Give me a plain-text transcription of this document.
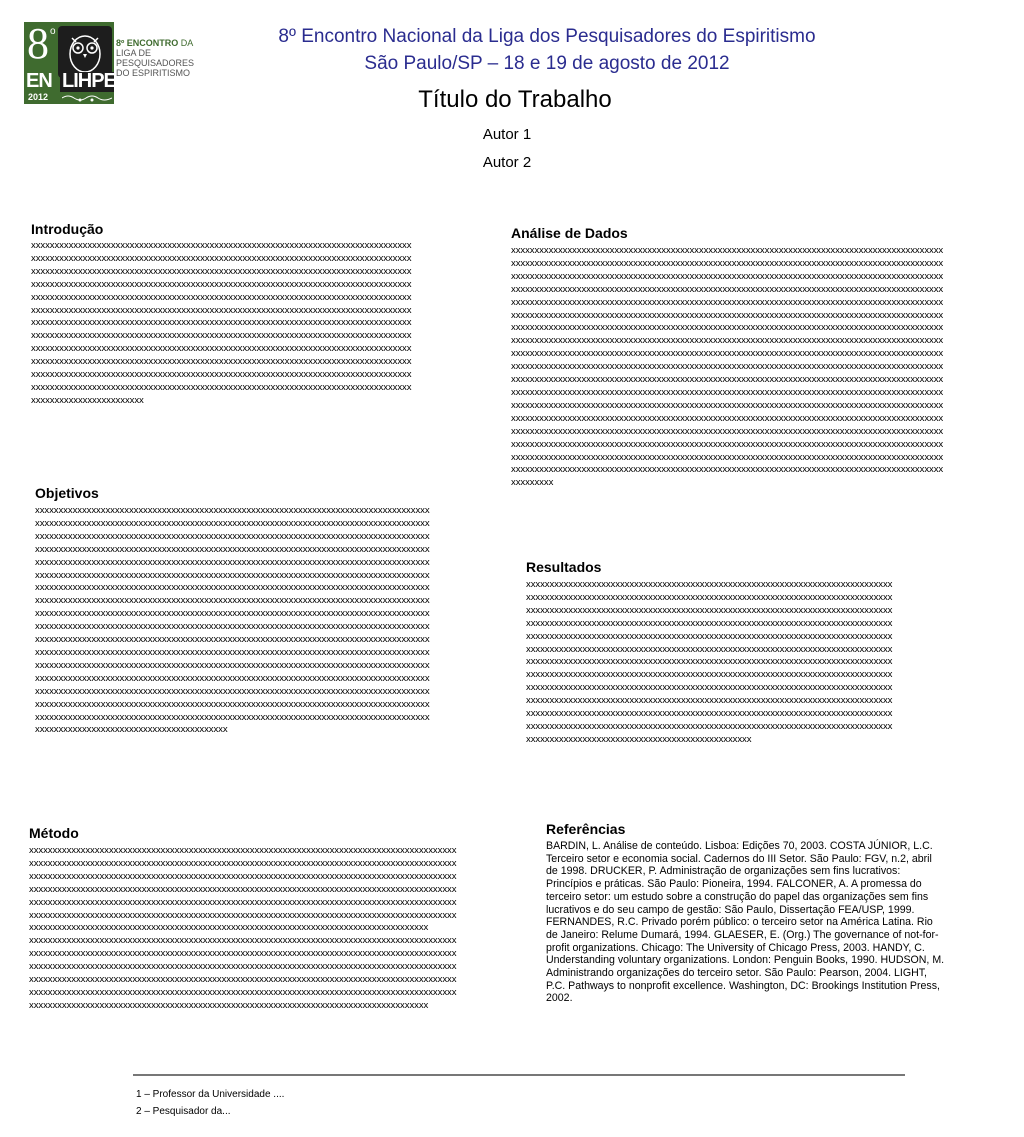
8 o
EN LIHPE
2012
8º ENCONTRO DA
LIGA DE PESQUISADORES
DO ESPIRITISMO
8º Encontro Nacional da Liga dos Pesquisadores do Espiritismo
São Paulo/SP – 18 e 19 de agosto de 2012
Título do Trabalho
Autor 1
Autor 2
Introdução
xxxxxxxxxxxxxxxxxxxxxxxxxxxxxxxxxxxxxxxxxxxxxxxxxxxxxxxxxxxxxxxxxxxxxxxxxxxxxxxxx
xxxxxxxxxxxxxxxxxxxxxxxxxxxxxxxxxxxxxxxxxxxxxxxxxxxxxxxxxxxxxxxxxxxxxxxxxxxxxxxxx
xxxxxxxxxxxxxxxxxxxxxxxxxxxxxxxxxxxxxxxxxxxxxxxxxxxxxxxxxxxxxxxxxxxxxxxxxxxxxxxxx
xxxxxxxxxxxxxxxxxxxxxxxxxxxxxxxxxxxxxxxxxxxxxxxxxxxxxxxxxxxxxxxxxxxxxxxxxxxxxxxxx
xxxxxxxxxxxxxxxxxxxxxxxxxxxxxxxxxxxxxxxxxxxxxxxxxxxxxxxxxxxxxxxxxxxxxxxxxxxxxxxxx
xxxxxxxxxxxxxxxxxxxxxxxxxxxxxxxxxxxxxxxxxxxxxxxxxxxxxxxxxxxxxxxxxxxxxxxxxxxxxxxxx
xxxxxxxxxxxxxxxxxxxxxxxxxxxxxxxxxxxxxxxxxxxxxxxxxxxxxxxxxxxxxxxxxxxxxxxxxxxxxxxxx
xxxxxxxxxxxxxxxxxxxxxxxxxxxxxxxxxxxxxxxxxxxxxxxxxxxxxxxxxxxxxxxxxxxxxxxxxxxxxxxxx
xxxxxxxxxxxxxxxxxxxxxxxxxxxxxxxxxxxxxxxxxxxxxxxxxxxxxxxxxxxxxxxxxxxxxxxxxxxxxxxxx
xxxxxxxxxxxxxxxxxxxxxxxxxxxxxxxxxxxxxxxxxxxxxxxxxxxxxxxxxxxxxxxxxxxxxxxxxxxxxxxxx
xxxxxxxxxxxxxxxxxxxxxxxxxxxxxxxxxxxxxxxxxxxxxxxxxxxxxxxxxxxxxxxxxxxxxxxxxxxxxxxxx
xxxxxxxxxxxxxxxxxxxxxxxxxxxxxxxxxxxxxxxxxxxxxxxxxxxxxxxxxxxxxxxxxxxxxxxxxxxxxxxxx
xxxxxxxxxxxxxxxxxxxxxxxx
Análise de Dados
xxxxxxxxxxxxxxxxxxxxxxxxxxxxxxxxxxxxxxxxxxxxxxxxxxxxxxxxxxxxxxxxxxxxxxxxxxxxxxxxxxxxxxxxxxxx
xxxxxxxxxxxxxxxxxxxxxxxxxxxxxxxxxxxxxxxxxxxxxxxxxxxxxxxxxxxxxxxxxxxxxxxxxxxxxxxxxxxxxxxxxxxx
xxxxxxxxxxxxxxxxxxxxxxxxxxxxxxxxxxxxxxxxxxxxxxxxxxxxxxxxxxxxxxxxxxxxxxxxxxxxxxxxxxxxxxxxxxxx
xxxxxxxxxxxxxxxxxxxxxxxxxxxxxxxxxxxxxxxxxxxxxxxxxxxxxxxxxxxxxxxxxxxxxxxxxxxxxxxxxxxxxxxxxxxx
xxxxxxxxxxxxxxxxxxxxxxxxxxxxxxxxxxxxxxxxxxxxxxxxxxxxxxxxxxxxxxxxxxxxxxxxxxxxxxxxxxxxxxxxxxxx
xxxxxxxxxxxxxxxxxxxxxxxxxxxxxxxxxxxxxxxxxxxxxxxxxxxxxxxxxxxxxxxxxxxxxxxxxxxxxxxxxxxxxxxxxxxx
xxxxxxxxxxxxxxxxxxxxxxxxxxxxxxxxxxxxxxxxxxxxxxxxxxxxxxxxxxxxxxxxxxxxxxxxxxxxxxxxxxxxxxxxxxxx
xxxxxxxxxxxxxxxxxxxxxxxxxxxxxxxxxxxxxxxxxxxxxxxxxxxxxxxxxxxxxxxxxxxxxxxxxxxxxxxxxxxxxxxxxxxx
xxxxxxxxxxxxxxxxxxxxxxxxxxxxxxxxxxxxxxxxxxxxxxxxxxxxxxxxxxxxxxxxxxxxxxxxxxxxxxxxxxxxxxxxxxxx
xxxxxxxxxxxxxxxxxxxxxxxxxxxxxxxxxxxxxxxxxxxxxxxxxxxxxxxxxxxxxxxxxxxxxxxxxxxxxxxxxxxxxxxxxxxx
xxxxxxxxxxxxxxxxxxxxxxxxxxxxxxxxxxxxxxxxxxxxxxxxxxxxxxxxxxxxxxxxxxxxxxxxxxxxxxxxxxxxxxxxxxxx
xxxxxxxxxxxxxxxxxxxxxxxxxxxxxxxxxxxxxxxxxxxxxxxxxxxxxxxxxxxxxxxxxxxxxxxxxxxxxxxxxxxxxxxxxxxx
xxxxxxxxxxxxxxxxxxxxxxxxxxxxxxxxxxxxxxxxxxxxxxxxxxxxxxxxxxxxxxxxxxxxxxxxxxxxxxxxxxxxxxxxxxxx
xxxxxxxxxxxxxxxxxxxxxxxxxxxxxxxxxxxxxxxxxxxxxxxxxxxxxxxxxxxxxxxxxxxxxxxxxxxxxxxxxxxxxxxxxxxx
xxxxxxxxxxxxxxxxxxxxxxxxxxxxxxxxxxxxxxxxxxxxxxxxxxxxxxxxxxxxxxxxxxxxxxxxxxxxxxxxxxxxxxxxxxxx
xxxxxxxxxxxxxxxxxxxxxxxxxxxxxxxxxxxxxxxxxxxxxxxxxxxxxxxxxxxxxxxxxxxxxxxxxxxxxxxxxxxxxxxxxxxx
xxxxxxxxxxxxxxxxxxxxxxxxxxxxxxxxxxxxxxxxxxxxxxxxxxxxxxxxxxxxxxxxxxxxxxxxxxxxxxxxxxxxxxxxxxxx
xxxxxxxxxxxxxxxxxxxxxxxxxxxxxxxxxxxxxxxxxxxxxxxxxxxxxxxxxxxxxxxxxxxxxxxxxxxxxxxxxxxxxxxxxxxx
xxxxxxxxx
Objetivos
xxxxxxxxxxxxxxxxxxxxxxxxxxxxxxxxxxxxxxxxxxxxxxxxxxxxxxxxxxxxxxxxxxxxxxxxxxxxxxxxxxxx
xxxxxxxxxxxxxxxxxxxxxxxxxxxxxxxxxxxxxxxxxxxxxxxxxxxxxxxxxxxxxxxxxxxxxxxxxxxxxxxxxxxx
xxxxxxxxxxxxxxxxxxxxxxxxxxxxxxxxxxxxxxxxxxxxxxxxxxxxxxxxxxxxxxxxxxxxxxxxxxxxxxxxxxxx
xxxxxxxxxxxxxxxxxxxxxxxxxxxxxxxxxxxxxxxxxxxxxxxxxxxxxxxxxxxxxxxxxxxxxxxxxxxxxxxxxxxx
xxxxxxxxxxxxxxxxxxxxxxxxxxxxxxxxxxxxxxxxxxxxxxxxxxxxxxxxxxxxxxxxxxxxxxxxxxxxxxxxxxxx
xxxxxxxxxxxxxxxxxxxxxxxxxxxxxxxxxxxxxxxxxxxxxxxxxxxxxxxxxxxxxxxxxxxxxxxxxxxxxxxxxxxx
xxxxxxxxxxxxxxxxxxxxxxxxxxxxxxxxxxxxxxxxxxxxxxxxxxxxxxxxxxxxxxxxxxxxxxxxxxxxxxxxxxxx
xxxxxxxxxxxxxxxxxxxxxxxxxxxxxxxxxxxxxxxxxxxxxxxxxxxxxxxxxxxxxxxxxxxxxxxxxxxxxxxxxxxx
xxxxxxxxxxxxxxxxxxxxxxxxxxxxxxxxxxxxxxxxxxxxxxxxxxxxxxxxxxxxxxxxxxxxxxxxxxxxxxxxxxxx
xxxxxxxxxxxxxxxxxxxxxxxxxxxxxxxxxxxxxxxxxxxxxxxxxxxxxxxxxxxxxxxxxxxxxxxxxxxxxxxxxxxx
xxxxxxxxxxxxxxxxxxxxxxxxxxxxxxxxxxxxxxxxxxxxxxxxxxxxxxxxxxxxxxxxxxxxxxxxxxxxxxxxxxxx
xxxxxxxxxxxxxxxxxxxxxxxxxxxxxxxxxxxxxxxxxxxxxxxxxxxxxxxxxxxxxxxxxxxxxxxxxxxxxxxxxxxx
xxxxxxxxxxxxxxxxxxxxxxxxxxxxxxxxxxxxxxxxxxxxxxxxxxxxxxxxxxxxxxxxxxxxxxxxxxxxxxxxxxxx
xxxxxxxxxxxxxxxxxxxxxxxxxxxxxxxxxxxxxxxxxxxxxxxxxxxxxxxxxxxxxxxxxxxxxxxxxxxxxxxxxxxx
xxxxxxxxxxxxxxxxxxxxxxxxxxxxxxxxxxxxxxxxxxxxxxxxxxxxxxxxxxxxxxxxxxxxxxxxxxxxxxxxxxxx
xxxxxxxxxxxxxxxxxxxxxxxxxxxxxxxxxxxxxxxxxxxxxxxxxxxxxxxxxxxxxxxxxxxxxxxxxxxxxxxxxxxx
xxxxxxxxxxxxxxxxxxxxxxxxxxxxxxxxxxxxxxxxxxxxxxxxxxxxxxxxxxxxxxxxxxxxxxxxxxxxxxxxxxxx
xxxxxxxxxxxxxxxxxxxxxxxxxxxxxxxxxxxxxxxxx
Resultados
xxxxxxxxxxxxxxxxxxxxxxxxxxxxxxxxxxxxxxxxxxxxxxxxxxxxxxxxxxxxxxxxxxxxxxxxxxxxxx
xxxxxxxxxxxxxxxxxxxxxxxxxxxxxxxxxxxxxxxxxxxxxxxxxxxxxxxxxxxxxxxxxxxxxxxxxxxxxx
xxxxxxxxxxxxxxxxxxxxxxxxxxxxxxxxxxxxxxxxxxxxxxxxxxxxxxxxxxxxxxxxxxxxxxxxxxxxxx
xxxxxxxxxxxxxxxxxxxxxxxxxxxxxxxxxxxxxxxxxxxxxxxxxxxxxxxxxxxxxxxxxxxxxxxxxxxxxx
xxxxxxxxxxxxxxxxxxxxxxxxxxxxxxxxxxxxxxxxxxxxxxxxxxxxxxxxxxxxxxxxxxxxxxxxxxxxxx
xxxxxxxxxxxxxxxxxxxxxxxxxxxxxxxxxxxxxxxxxxxxxxxxxxxxxxxxxxxxxxxxxxxxxxxxxxxxxx
xxxxxxxxxxxxxxxxxxxxxxxxxxxxxxxxxxxxxxxxxxxxxxxxxxxxxxxxxxxxxxxxxxxxxxxxxxxxxx
xxxxxxxxxxxxxxxxxxxxxxxxxxxxxxxxxxxxxxxxxxxxxxxxxxxxxxxxxxxxxxxxxxxxxxxxxxxxxx
xxxxxxxxxxxxxxxxxxxxxxxxxxxxxxxxxxxxxxxxxxxxxxxxxxxxxxxxxxxxxxxxxxxxxxxxxxxxxx
xxxxxxxxxxxxxxxxxxxxxxxxxxxxxxxxxxxxxxxxxxxxxxxxxxxxxxxxxxxxxxxxxxxxxxxxxxxxxx
xxxxxxxxxxxxxxxxxxxxxxxxxxxxxxxxxxxxxxxxxxxxxxxxxxxxxxxxxxxxxxxxxxxxxxxxxxxxxx
xxxxxxxxxxxxxxxxxxxxxxxxxxxxxxxxxxxxxxxxxxxxxxxxxxxxxxxxxxxxxxxxxxxxxxxxxxxxxx
xxxxxxxxxxxxxxxxxxxxxxxxxxxxxxxxxxxxxxxxxxxxxxxx
Método
xxxxxxxxxxxxxxxxxxxxxxxxxxxxxxxxxxxxxxxxxxxxxxxxxxxxxxxxxxxxxxxxxxxxxxxxxxxxxxxxxxxxxxxxxxx
xxxxxxxxxxxxxxxxxxxxxxxxxxxxxxxxxxxxxxxxxxxxxxxxxxxxxxxxxxxxxxxxxxxxxxxxxxxxxxxxxxxxxxxxxxx
xxxxxxxxxxxxxxxxxxxxxxxxxxxxxxxxxxxxxxxxxxxxxxxxxxxxxxxxxxxxxxxxxxxxxxxxxxxxxxxxxxxxxxxxxxx
xxxxxxxxxxxxxxxxxxxxxxxxxxxxxxxxxxxxxxxxxxxxxxxxxxxxxxxxxxxxxxxxxxxxxxxxxxxxxxxxxxxxxxxxxxx
xxxxxxxxxxxxxxxxxxxxxxxxxxxxxxxxxxxxxxxxxxxxxxxxxxxxxxxxxxxxxxxxxxxxxxxxxxxxxxxxxxxxxxxxxxx
xxxxxxxxxxxxxxxxxxxxxxxxxxxxxxxxxxxxxxxxxxxxxxxxxxxxxxxxxxxxxxxxxxxxxxxxxxxxxxxxxxxxxxxxxxx
xxxxxxxxxxxxxxxxxxxxxxxxxxxxxxxxxxxxxxxxxxxxxxxxxxxxxxxxxxxxxxxxxxxxxxxxxxxxxxxxxxxxx
xxxxxxxxxxxxxxxxxxxxxxxxxxxxxxxxxxxxxxxxxxxxxxxxxxxxxxxxxxxxxxxxxxxxxxxxxxxxxxxxxxxxxxxxxxx
xxxxxxxxxxxxxxxxxxxxxxxxxxxxxxxxxxxxxxxxxxxxxxxxxxxxxxxxxxxxxxxxxxxxxxxxxxxxxxxxxxxxxxxxxxx
xxxxxxxxxxxxxxxxxxxxxxxxxxxxxxxxxxxxxxxxxxxxxxxxxxxxxxxxxxxxxxxxxxxxxxxxxxxxxxxxxxxxxxxxxxx
xxxxxxxxxxxxxxxxxxxxxxxxxxxxxxxxxxxxxxxxxxxxxxxxxxxxxxxxxxxxxxxxxxxxxxxxxxxxxxxxxxxxxxxxxxx
xxxxxxxxxxxxxxxxxxxxxxxxxxxxxxxxxxxxxxxxxxxxxxxxxxxxxxxxxxxxxxxxxxxxxxxxxxxxxxxxxxxxxxxxxxx
xxxxxxxxxxxxxxxxxxxxxxxxxxxxxxxxxxxxxxxxxxxxxxxxxxxxxxxxxxxxxxxxxxxxxxxxxxxxxxxxxxxxx
Referências
BARDIN, L. Análise de conteúdo. Lisboa: Edições 70, 2003. COSTA JÚNIOR, L.C.
Terceiro setor e economia social. Cadernos do III Setor. São Paulo: FGV, n.2, abril
de 1998. DRUCKER, P. Administração de organizações sem fins lucrativos:
Princípios e práticas. São Paulo: Pioneira, 1994. FALCONER, A. A promessa do
terceiro setor: um estudo sobre a construção do papel das organizações sem fins
lucrativos e do seu campo de gestão: São Paulo, Dissertação FEA/USP, 1999.
FERNANDES, R.C. Privado porém público: o terceiro setor na América Latina. Rio
de Janeiro: Relume Dumará, 1994. GLAESER, E. (Org.) The governance of not-for-
profit organizations. Chicago: The University of Chicago Press, 2003. HANDY, C.
Understanding voluntary organizations. London: Penguin Books, 1990. HUDSON, M.
Administrando organizações do terceiro setor. São Paulo: Pearson, 2004. LIGHT,
P.C. Pathways to nonprofit excellence. Washington, DC: Brookings Institution Press,
2002.
1 – Professor da Universidade ....
2 – Pesquisador da...
